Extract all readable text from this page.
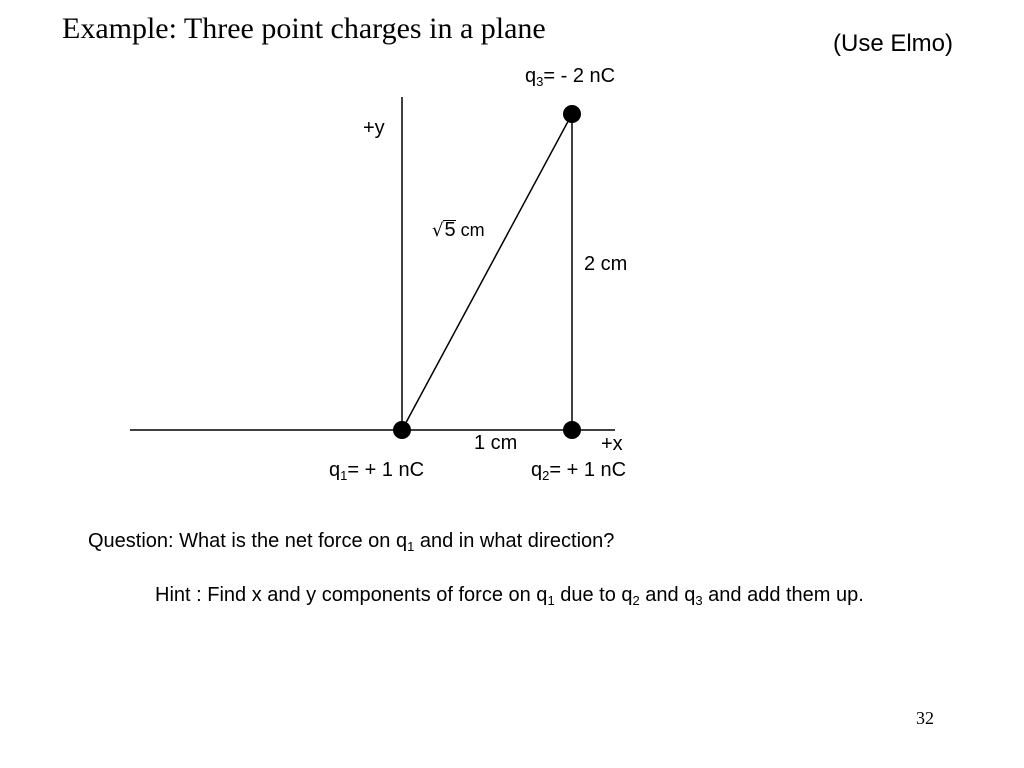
Example: Three point charges in a plane	(Use Elmo)
+y
+x
$q_3= - 2$ nC
$q_1= + 1$ nC	$q_2= + 1$ nC
1 cm
2 cm
√5 cm
Question: What is the net force on $q_1$ and in what direction?
Hint : Find x and y components of force on $q_1$ due to $q_2$ and $q_3$ and add them up.
32
